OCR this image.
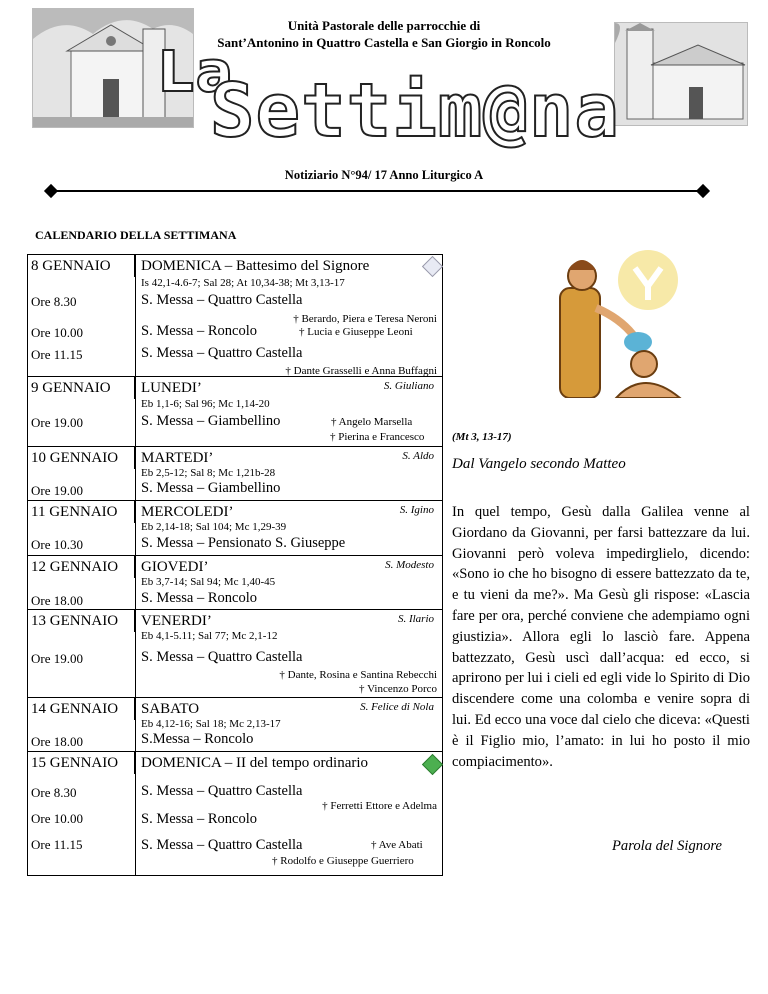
Unità Pastorale delle parrocchie di
Sant’Antonino in Quattro Castella e San Giorgio in Roncolo
La
Settim@na
Notiziario N°94/ 17 Anno Liturgico A
CALENDARIO DELLA SETTIMANA
8 GENNAIO	DOMENICA – Battesimo del Signore
Is 42,1-4.6-7; Sal 28; At 10,34-38; Mt 3,13-17
Ore 8.30	S. Messa – Quattro Castella
† Berardo, Piera e Teresa Neroni
Ore 10.00	S. Messa – Roncolo	† Lucia e Giuseppe Leoni
Ore 11.15	S. Messa – Quattro Castella
† Dante Grasselli e Anna Buffagni
9 GENNAIO	LUNEDI’	S. Giuliano
Eb 1,1-6; Sal 96; Mc 1,14-20
Ore 19.00	S. Messa – Giambellino	† Angelo Marsella
† Pierina e Francesco
10 GENNAIO	MARTEDI’	S. Aldo
Eb 2,5-12; Sal 8; Mc 1,21b-28
Ore 19.00	S. Messa – Giambellino
11 GENNAIO	MERCOLEDI’	S. Igino
Eb 2,14-18; Sal 104; Mc 1,29-39
Ore 10.30	S. Messa – Pensionato S. Giuseppe
12 GENNAIO	GIOVEDI’	S. Modesto
Eb 3,7-14; Sal 94; Mc 1,40-45
Ore 18.00	S. Messa – Roncolo
13 GENNAIO	VENERDI’	S. Ilario
Eb 4,1-5.11; Sal 77; Mc 2,1-12
Ore 19.00	S. Messa – Quattro Castella
† Dante, Rosina e Santina Rebecchi
† Vincenzo Porco
14 GENNAIO	SABATO	S. Felice di Nola
Eb 4,12-16; Sal 18; Mc 2,13-17
Ore 18.00	S.Messa – Roncolo
15 GENNAIO	DOMENICA – II del tempo ordinario
Ore 8.30	S. Messa – Quattro Castella
† Ferretti Ettore e Adelma
Ore 10.00	S. Messa – Roncolo
Ore 11.15	S. Messa – Quattro Castella	† Ave Abati
† Rodolfo e Giuseppe Guerriero
(Mt 3, 13-17)
Dal Vangelo secondo Matteo

In quel tempo, Gesù dalla Galilea venne al Giordano da Giovanni, per farsi battezzare da lui. Giovanni però voleva impedirglielo, dicendo: «Sono io che ho bisogno di essere battezzato da te, e tu vieni da me?». Ma Gesù gli rispose: «Lascia fare per ora, perché conviene che adempiamo ogni giustizia». Allora egli lo lasciò fare. Appena battezzato, Gesù uscì dall’acqua: ed ecco, si aprirono per lui i cieli ed egli vide lo Spirito di Dio discendere come una colomba e venire sopra di lui. Ed ecco una voce dal cielo che diceva: «Questi è il Figlio mio, l’amato: in lui ho posto il mio compiacimento».

Parola del Signore
